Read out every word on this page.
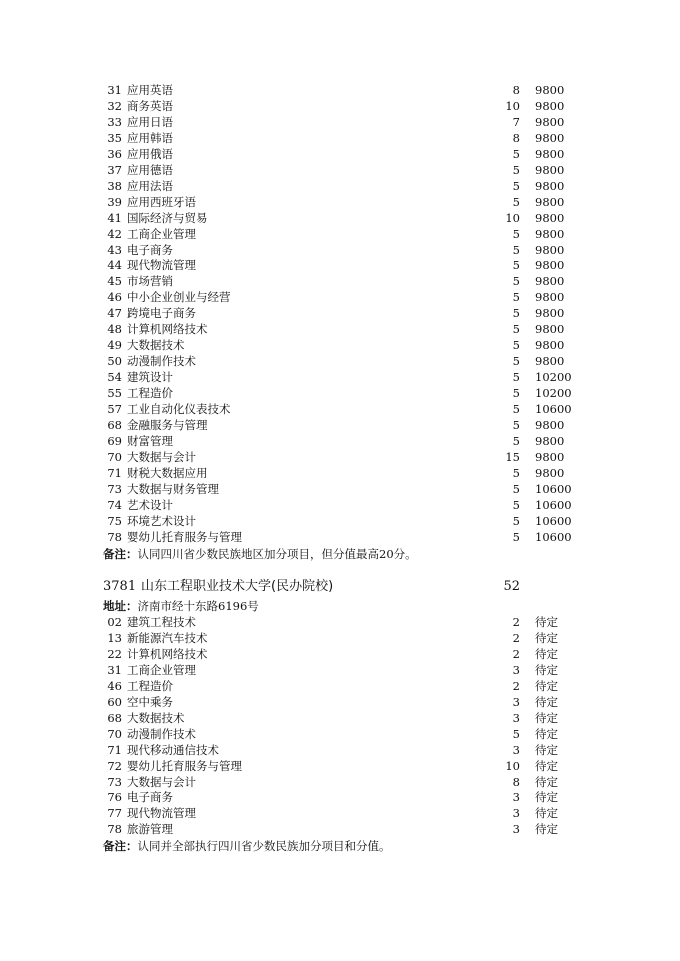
31 应用英语	8 9800
32 商务英语	10 9800
33 应用日语	7 9800
35 应用韩语	8 9800
36 应用俄语	5 9800
37 应用德语	5 9800
38 应用法语	5 9800
39 应用西班牙语	5 9800
41 国际经济与贸易	10 9800
42 工商企业管理	5 9800
43 电子商务	5 9800
44 现代物流管理	5 9800
45 市场营销	5 9800
46 中小企业创业与经营	5 9800
47 跨境电子商务	5 9800
48 计算机网络技术	5 9800
49 大数据技术	5 9800
50 动漫制作技术	5 9800
54 建筑设计	5 10200
55 工程造价	5 10200
57 工业自动化仪表技术	5 10600
68 金融服务与管理	5 9800
69 财富管理	5 9800
70 大数据与会计	15 9800
71 财税大数据应用	5 9800
73 大数据与财务管理	5 10600
74 艺术设计	5 10600
75 环境艺术设计	5 10600
78 婴幼儿托育服务与管理	5 10600
备注：认同四川省少数民族地区加分项目，但分值最高20分。
3781 山东工程职业技术大学(民办院校)	52
地址：济南市经十东路6196号
02 建筑工程技术	2 待定
13 新能源汽车技术	2 待定
22 计算机网络技术	2 待定
31 工商企业管理	3 待定
46 工程造价	2 待定
60 空中乘务	3 待定
68 大数据技术	3 待定
70 动漫制作技术	5 待定
71 现代移动通信技术	3 待定
72 婴幼儿托育服务与管理	10 待定
73 大数据与会计	8 待定
76 电子商务	3 待定
77 现代物流管理	3 待定
78 旅游管理	3 待定
备注：认同并全部执行四川省少数民族加分项目和分值。
